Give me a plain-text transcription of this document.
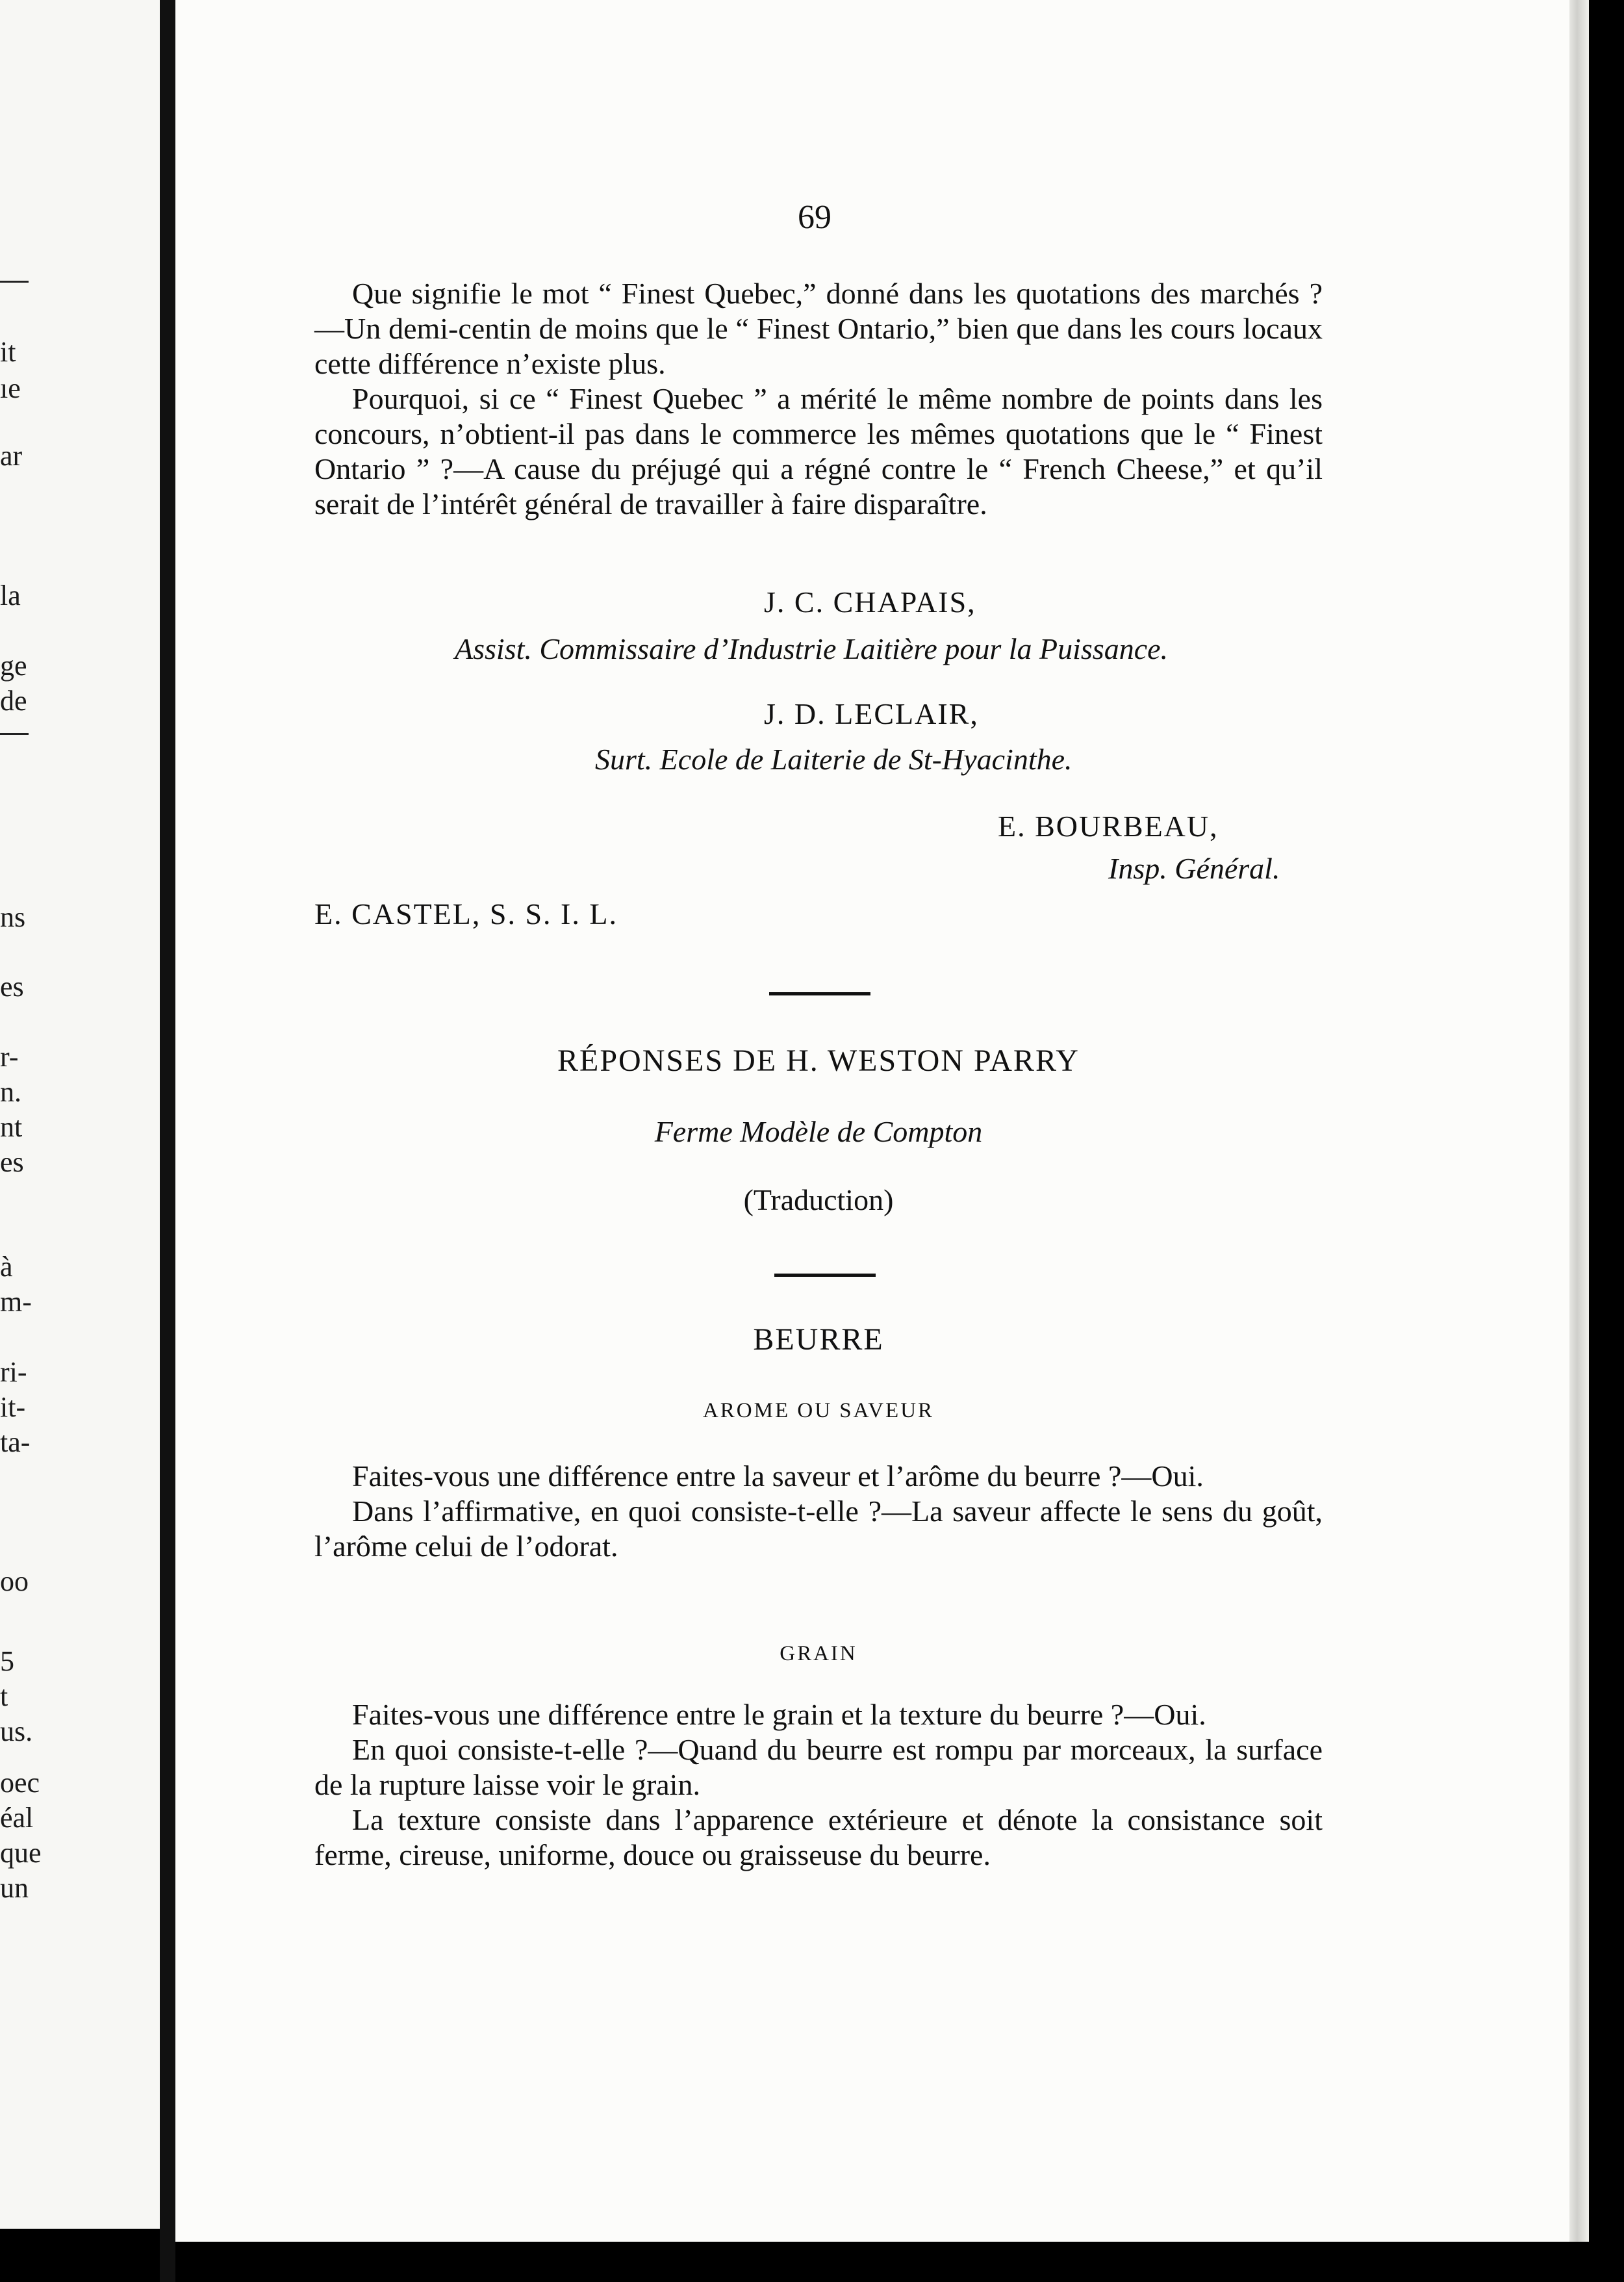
it
ıe
ar
la
ge
de
ns
es
r-
n.
nt
es
à
m-
ri-
it-
ta-
oo
5
t
us.
oec
éal
que
un
69

Que signifie le mot “ Finest Quebec,” donné dans les quotations des marchés ?—Un demi-centin de moins que le “ Finest Ontario,” bien que dans les cours locaux cette différence n’existe plus.

Pourquoi, si ce “ Finest Quebec ” a mérité le même nombre de points dans les concours, n’obtient-il pas dans le commerce les mêmes quotations que le “ Finest Ontario ” ?—A cause du préjugé qui a régné contre le “ French Cheese,” et qu’il serait de l’intérêt général de travailler à faire disparaître.

J. C. CHAPAIS,
Assist. Commissaire d’Industrie Laitière pour la Puissance.
J. D. LECLAIR,
Surt. Ecole de Laiterie de St-Hyacinthe.
E. BOURBEAU,
Insp. Général.
E. CASTEL, S. S. I. L.
RÉPONSES DE H. WESTON PARRY
Ferme Modèle de Compton
(Traduction)
BEURRE
AROME OU SAVEUR

Faites-vous une différence entre la saveur et l’arôme du beurre ?—Oui.

Dans l’affirmative, en quoi consiste-t-elle ?—La saveur affecte le sens du goût, l’arôme celui de l’odorat.

GRAIN

Faites-vous une différence entre le grain et la texture du beurre ?—Oui.

En quoi consiste-t-elle ?—Quand du beurre est rompu par morceaux, la surface de la rupture laisse voir le grain.

La texture consiste dans l’apparence extérieure et dénote la consistance soit ferme, cireuse, uniforme, douce ou graisseuse du beurre.
